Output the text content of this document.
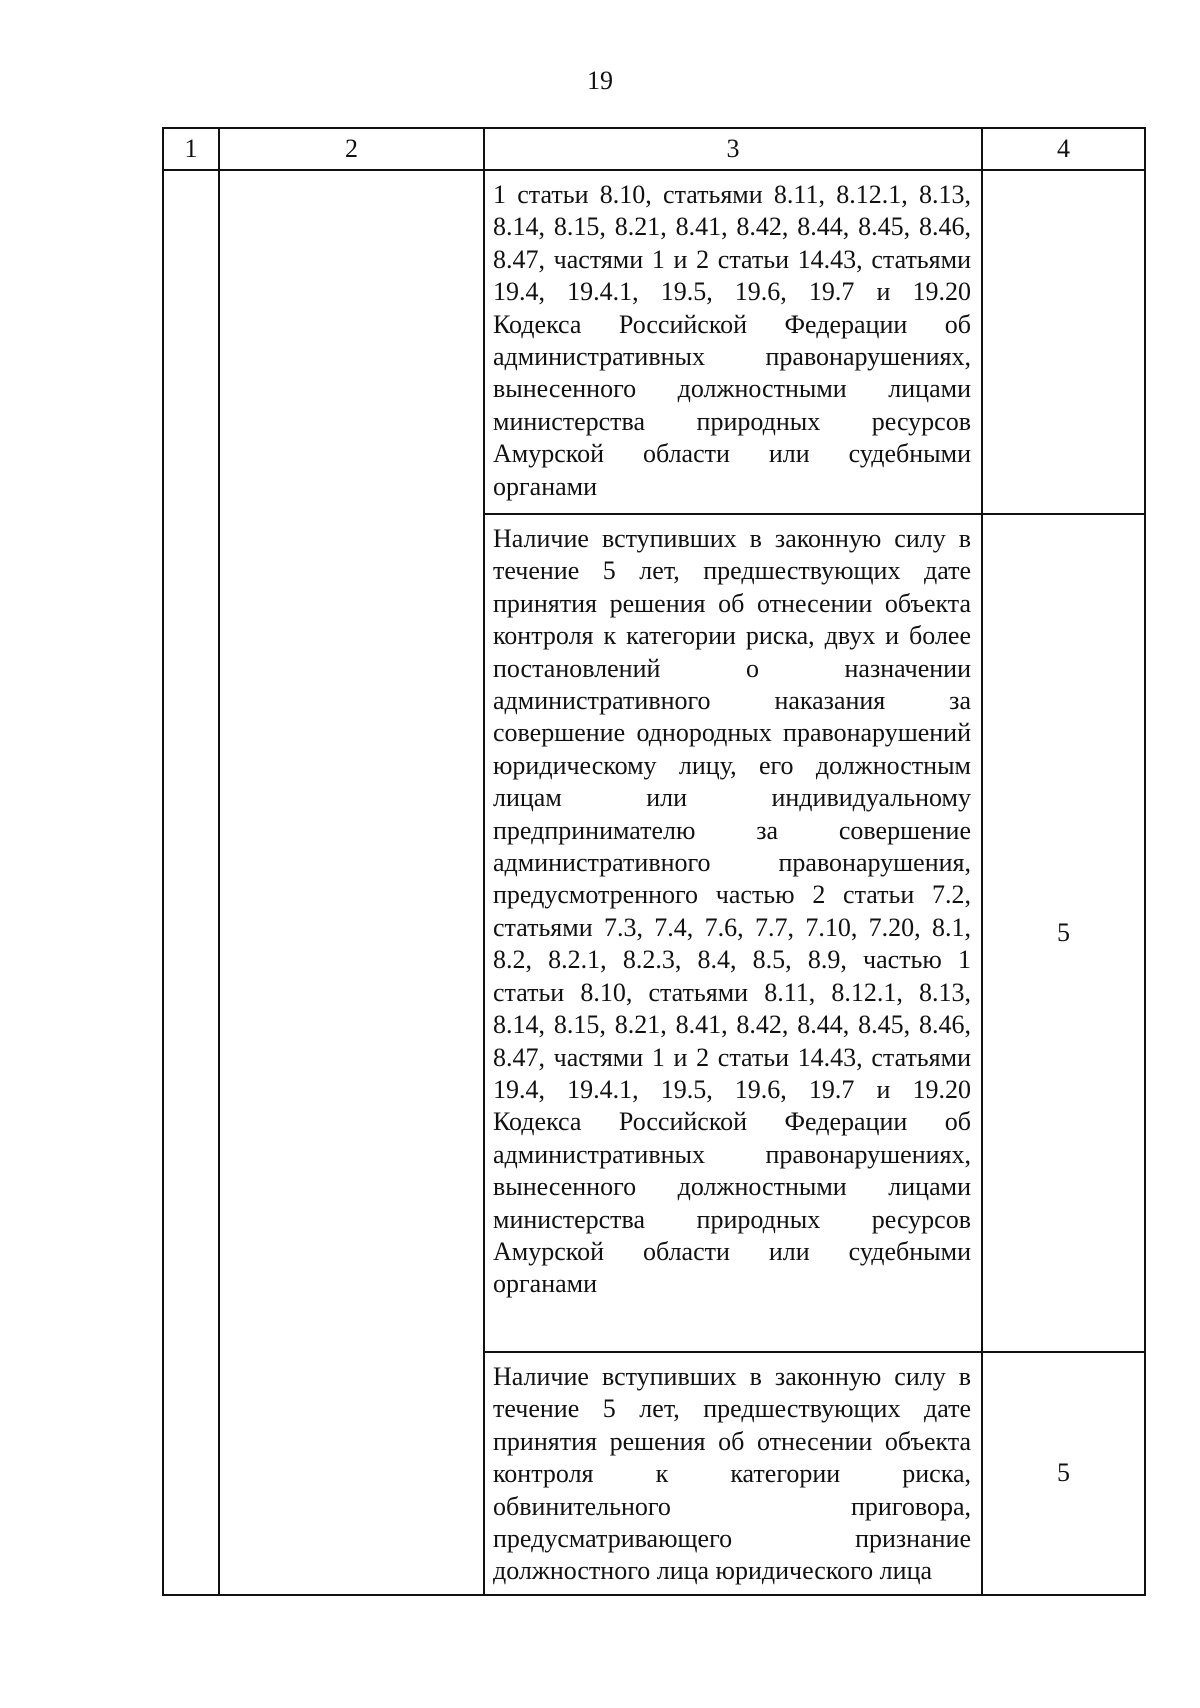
19
1	2	3	4

		1 статьи 8.10, статьями 8.11, 8.12.1, 8.13, 8.14, 8.15, 8.21, 8.41, 8.42, 8.44, 8.45, 8.46, 8.47, частями 1 и 2 статьи 14.43, статьями 19.4, 19.4.1, 19.5, 19.6, 19.7 и 19.20 Кодекса Российской Федерации об административных правонарушениях, вынесенного должностными лицами министерства природных ресурсов Амурской области или судебными органами	

		Наличие вступивших в законную силу в течение 5 лет, предшествующих дате принятия решения об отнесении объекта контроля к категории риска, двух и более постановлений о назначении административного наказания за совершение однородных правонарушений юридическому лицу, его должностным лицам или индивидуальному предпринимателю за совершение административного правонарушения, предусмотренного частью 2 статьи 7.2, статьями 7.3, 7.4, 7.6, 7.7, 7.10, 7.20, 8.1, 8.2, 8.2.1, 8.2.3, 8.4, 8.5, 8.9, частью 1 статьи 8.10, статьями 8.11, 8.12.1, 8.13, 8.14, 8.15, 8.21, 8.41, 8.42, 8.44, 8.45, 8.46, 8.47, частями 1 и 2 статьи 14.43, статьями 19.4, 19.4.1, 19.5, 19.6, 19.7 и 19.20 Кодекса Российской Федерации об административных правонарушениях, вынесенного должностными лицами министерства природных ресурсов Амурской области или судебными органами	5

		Наличие вступивших в законную силу в течение 5 лет, предшествующих дате принятия решения об отнесении объекта контроля к категории риска, обвинительного приговора, предусматривающего признание должностного лица юридического лица	5
